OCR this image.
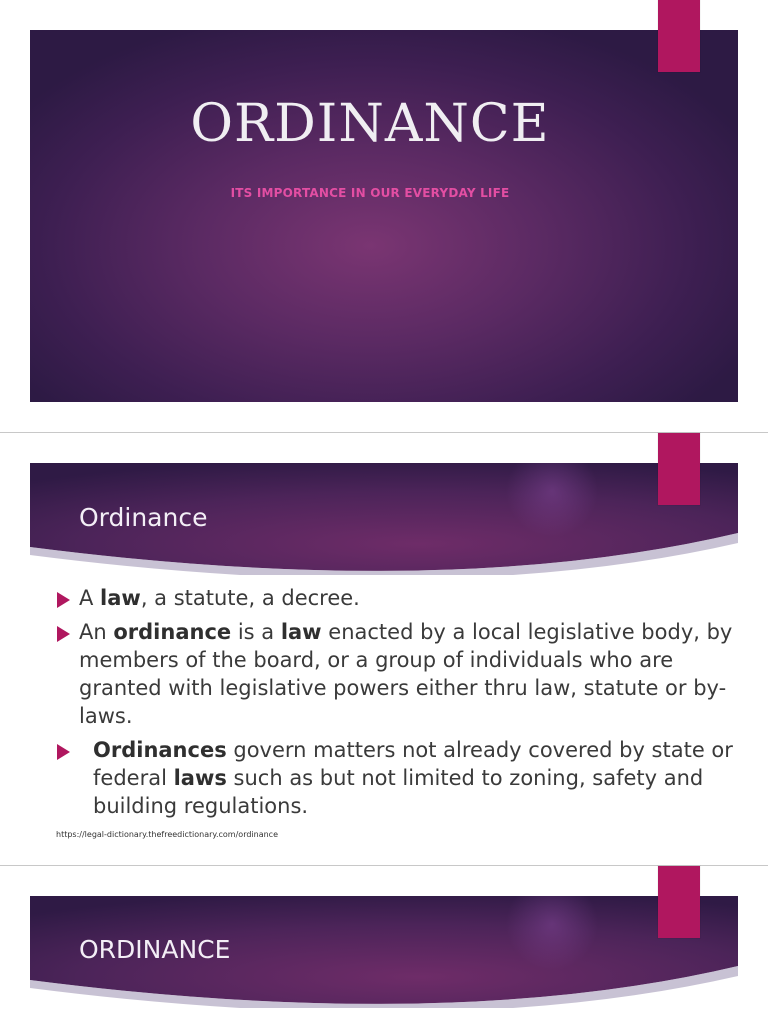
ORDINANCE
ITS IMPORTANCE IN OUR EVERYDAY LIFE
Ordinance
A law, a statute, a decree.
An ordinance is a law enacted by a local legislative body, by members of the board, or a group of individuals who are granted with legislative powers either thru law, statute or by-laws.
Ordinances govern matters not already covered by state or federal laws such as but not limited to zoning, safety and building regulations.
https://legal-dictionary.thefreedictionary.com/ordinance
ORDINANCE
